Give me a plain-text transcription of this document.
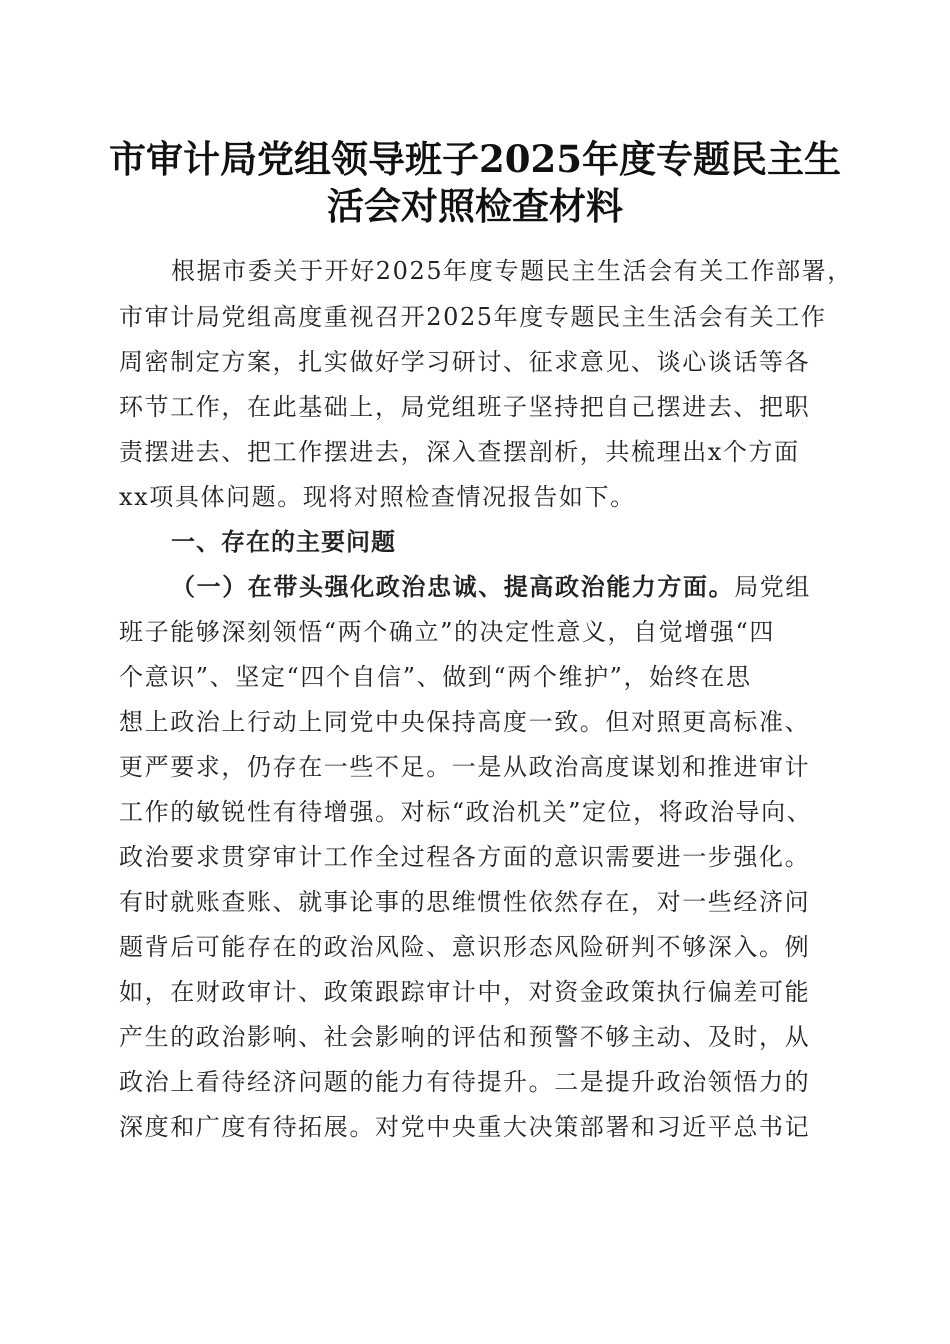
市审计局党组领导班子2025年度专题民主生
活会对照检查材料
根据市委关于开好2025年度专题民主生活会有关工作部署，
市审计局党组高度重视召开2025年度专题民主生活会有关工作
周密制定方案，扎实做好学习研讨、征求意见、谈心谈话等各
环节工作，在此基础上，局党组班子坚持把自己摆进去、把职
责摆进去、把工作摆进去，深入查摆剖析，共梳理出x个方面
xx项具体问题。现将对照检查情况报告如下。
一、存在的主要问题
（一）在带头强化政治忠诚、提高政治能力方面。局党组
班子能够深刻领悟“两个确立”的决定性意义，自觉增强“四
个意识”、坚定“四个自信”、做到“两个维护”，始终在思
想上政治上行动上同党中央保持高度一致。但对照更高标准、
更严要求，仍存在一些不足。一是从政治高度谋划和推进审计
工作的敏锐性有待增强。对标“政治机关”定位，将政治导向、
政治要求贯穿审计工作全过程各方面的意识需要进一步强化。
有时就账查账、就事论事的思维惯性依然存在，对一些经济问
题背后可能存在的政治风险、意识形态风险研判不够深入。例
如，在财政审计、政策跟踪审计中，对资金政策执行偏差可能
产生的政治影响、社会影响的评估和预警不够主动、及时，从
政治上看待经济问题的能力有待提升。二是提升政治领悟力的
深度和广度有待拓展。对党中央重大决策部署和习近平总书记
